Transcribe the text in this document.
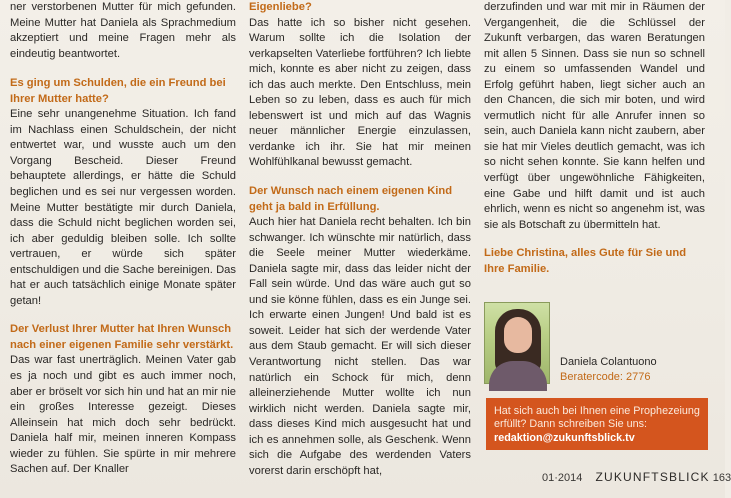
ner verstorbenen Mutter für mich gefunden. Meine Mutter hat Daniela als Sprachmedium akzeptiert und meine Fragen mehr als eindeutig beantwortet.

Es ging um Schulden, die ein Freund bei Ihrer Mutter hatte?

Eine sehr unangenehme Situation. Ich fand im Nachlass einen Schuldschein, der nicht entwertet war, und wusste auch um den Vorgang Bescheid. Dieser Freund behauptete allerdings, er hätte die Schuld beglichen und es sei nur vergessen worden. Meine Mutter bestätigte mir durch Daniela, dass die Schuld nicht beglichen worden sei, ich aber geduldig bleiben solle. Ich sollte vertrauen, er würde sich später entschuldigen und die Sache bereinigen. Das hat er auch tatsächlich einige Monate später getan!

Der Verlust Ihrer Mutter hat Ihren Wunsch nach einer eigenen Familie sehr verstärkt.

Das war fast unerträglich. Meinen Vater gab es ja noch und gibt es auch immer noch, aber er bröselt vor sich hin und hat an mir nie ein großes Interesse gezeigt. Dieses Alleinsein hat mich doch sehr bedrückt. Daniela half mir, meinen inneren Kompass wieder zu fühlen. Sie spürte in mir mehrere Sachen auf. Der Knaller

Eigenliebe?

Das hatte ich so bisher nicht gesehen. Warum sollte ich die Isolation der verkapselten Vaterliebe fortführen? Ich liebte mich, konnte es aber nicht zu zeigen, dass ich das auch merkte. Den Entschluss, mein Leben so zu leben, dass es auch für mich lebenswert ist und mich auf das Wagnis neuer männlicher Energie einzulassen, verdanke ich ihr. Sie hat mir meinen Wohlfühlkanal bewusst gemacht.

Der Wunsch nach einem eigenen Kind geht ja bald in Erfüllung.

Auch hier hat Daniela recht behalten. Ich bin schwanger. Ich wünschte mir natürlich, dass die Seele meiner Mutter wiederkäme. Daniela sagte mir, dass das leider nicht der Fall sein würde. Und das wäre auch gut so und sie könne fühlen, dass es ein Junge sei. Ich erwarte einen Jungen! Und bald ist es soweit. Leider hat sich der werdende Vater aus dem Staub gemacht. Er will sich dieser Verantwortung nicht stellen. Das war natürlich ein Schock für mich, denn alleinerziehende Mutter wollte ich nun wirklich nicht werden. Daniela sagte mir, dass dieses Kind mich ausgesucht hat und ich es annehmen solle, als Geschenk. Wenn sich die Aufgabe des werdenden Vaters vorerst darin erschöpft hat,

derzufinden und war mit mir in Räumen der Vergangenheit, die die Schlüssel der Zukunft verbargen, das waren Beratungen mit allen 5 Sinnen. Dass sie nun so schnell zu einem so umfassenden Wandel und Erfolg geführt haben, liegt sicher auch an den Chancen, die sich mir boten, und wird vermutlich nicht für alle Anrufer innen so sein, auch Daniela kann nicht zaubern, aber sie hat mir Vieles deutlich gemacht, was ich so nicht sehen konnte. Sie kann helfen und verfügt über ungewöhnliche Fähigkeiten, eine Gabe und hilft damit und ist auch ehrlich, wenn es nicht so angenehm ist, was sie als Botschaft zu übermitteln hat.

Liebe Christina, alles Gute für Sie und Ihre Familie.
Daniela Colantuono
Beratercode: 2776
Hat sich auch bei Ihnen eine Prophezeiung erfüllt? Dann schreiben Sie uns:
redaktion@zukunftsblick.tv
01·2014 ZUKUNFTSBLICK 163
